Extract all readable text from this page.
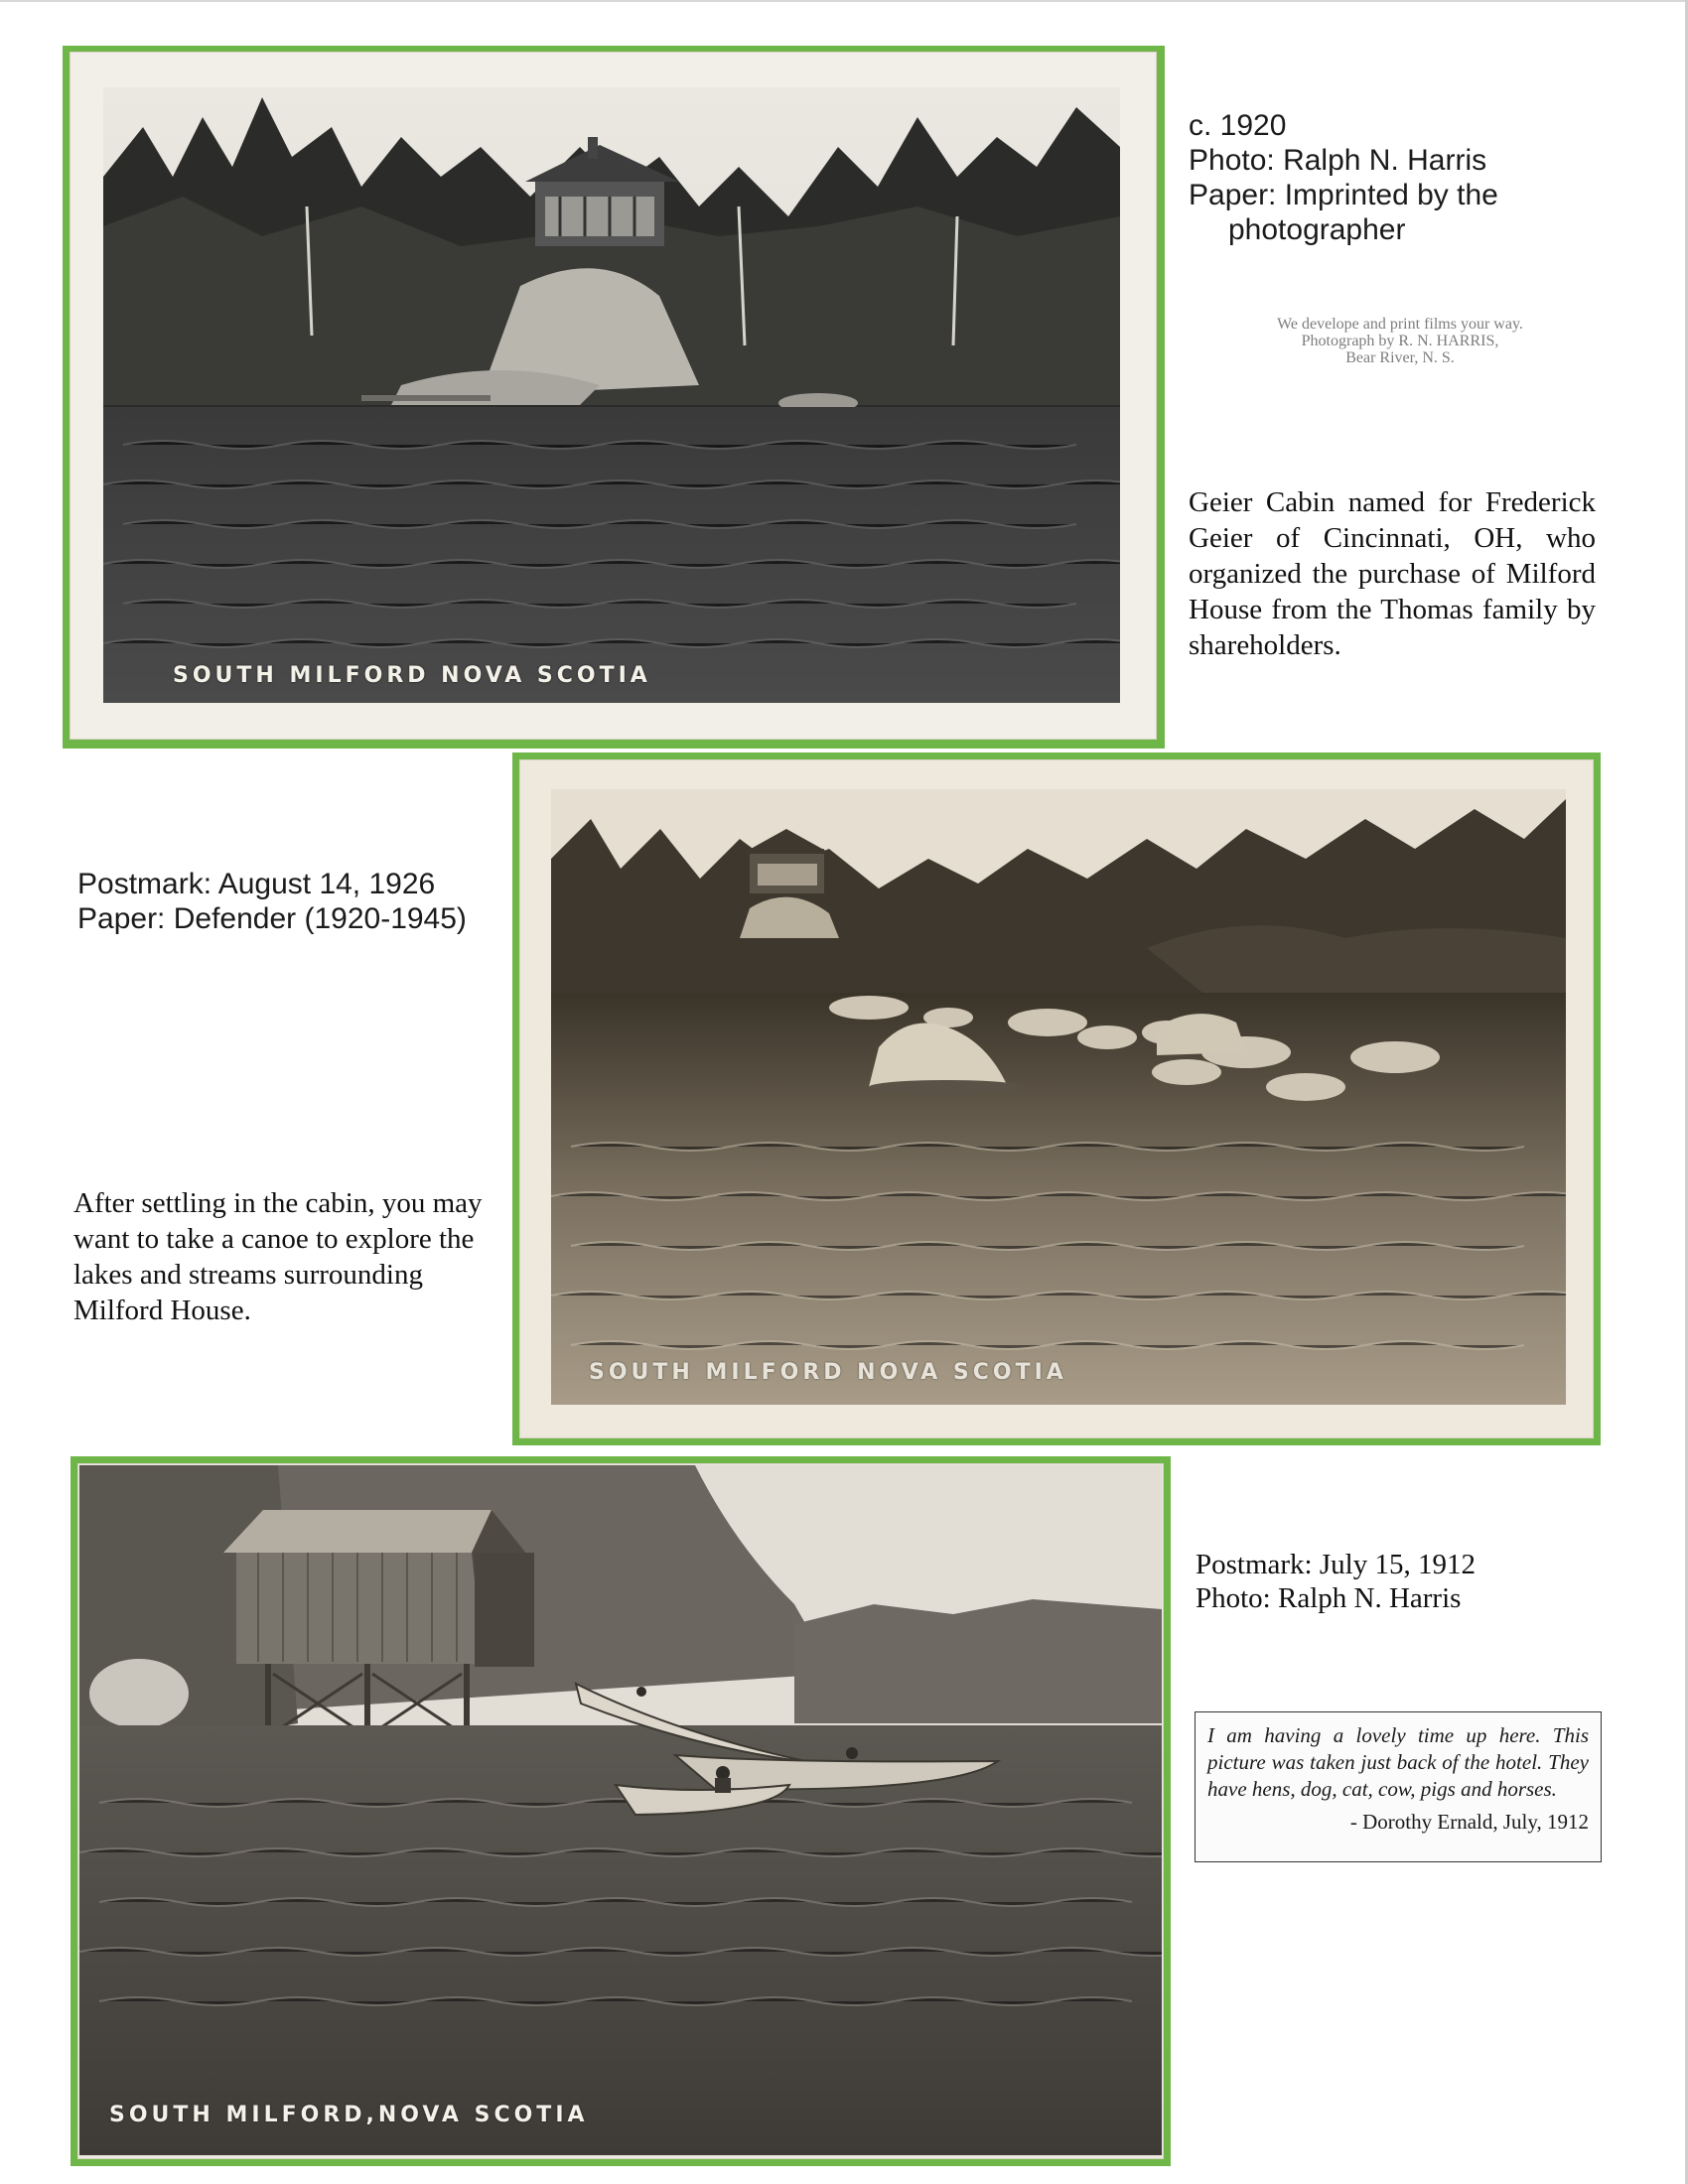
SOUTH MILFORD NOVA SCOTIA
c. 1920
Photo: Ralph N. Harris
Paper: Imprinted by the
photographer
We develope and print films your way.
Photograph by R. N. HARRIS,
Bear River, N. S.
Geier Cabin named for Frederick Geier of Cincinnati, OH, who organized the purchase of Milford House from the Thomas family by shareholders.
SOUTH MILFORD NOVA SCOTIA
Postmark: August 14, 1926
Paper: Defender (1920-1945)
After settling in the cabin, you may want to take a canoe to explore the lakes and streams surrounding Milford House.
SOUTH MILFORD,NOVA SCOTIA
Postmark: July 15, 1912
Photo: Ralph N. Harris
I am having a lovely time up here. This picture was taken just back of the hotel. They have hens, dog, cat, cow, pigs and horses.
- Dorothy Ernald, July, 1912
